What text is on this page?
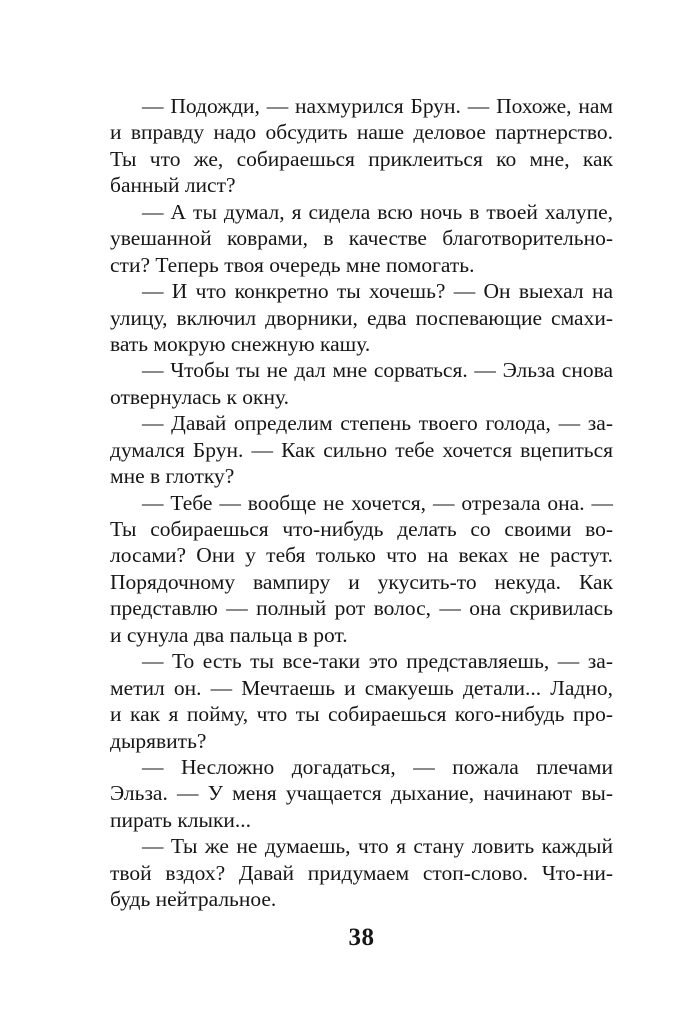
— Подожди, — нахмурился Брун. — Похоже, нам
и вправду надо обсудить наше деловое партнерство.
Ты что же, собираешься приклеиться ко мне, как
банный лист?
— А ты думал, я сидела всю ночь в твоей халупе,
увешанной коврами, в качестве благотворительно-
сти? Теперь твоя очередь мне помогать.
— И что конкретно ты хочешь? — Он выехал на
улицу, включил дворники, едва поспевающие смахи-
вать мокрую снежную кашу.
— Чтобы ты не дал мне сорваться. — Эльза снова
отвернулась к окну.
— Давай определим степень твоего голода, — за-
думался Брун. — Как сильно тебе хочется вцепиться
мне в глотку?
— Тебе — вообще не хочется, — отрезала она. —
Ты собираешься что-нибудь делать со своими во-
лосами? Они у тебя только что на веках не растут.
Порядочному вампиру и укусить-то некуда. Как
представлю — полный рот волос, — она скривилась
и сунула два пальца в рот.
— То есть ты все-таки это представляешь, — за-
метил он. — Мечтаешь и смакуешь детали... Ладно,
и как я пойму, что ты собираешься кого-нибудь про-
дырявить?
— Несложно догадаться, — пожала плечами
Эльза. — У меня учащается дыхание, начинают вы-
пирать клыки...
— Ты же не думаешь, что я стану ловить каждый
твой вздох? Давай придумаем стоп-слово. Что-ни-
будь нейтральное.
38
